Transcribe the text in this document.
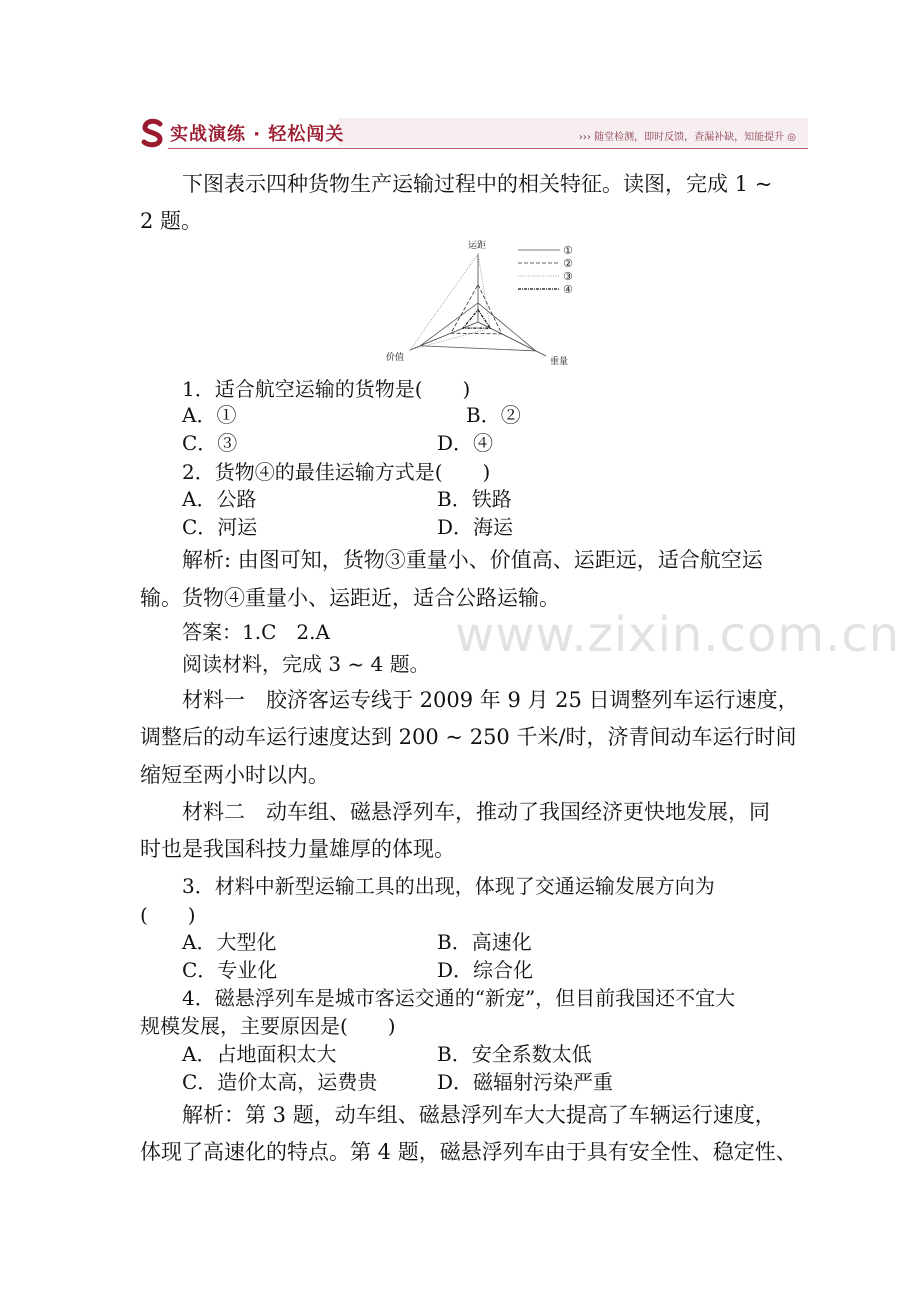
实战演练 · 轻松闯关	››› 随堂检测，即时反馈，查漏补缺，知能提升 ◎
下图表示四种货物生产运输过程中的相关特征。读图，完成 1 ~
2 题。
运距
重量
价值
①
②
③
④
1．适合航空运输的货物是(　　)
A．①	B．②
C．③	D．④
2．货物④的最佳运输方式是(　　)
A．公路	B．铁路
C．河运	D．海运
解析: 由图可知，货物③重量小、价值高、运距远，适合航空运
输。货物④重量小、运距近，适合公路运输。
答案：1.C　2.A
阅读材料，完成 3 ~ 4 题。
www.zixin.com.cn
材料一　胶济客运专线于 2009 年 9 月 25 日调整列车运行速度，
调整后的动车运行速度达到 200 ~ 250 千米/时，济青间动车运行时间
缩短至两小时以内。
材料二　动车组、磁悬浮列车，推动了我国经济更快地发展，同
时也是我国科技力量雄厚的体现。
3．材料中新型运输工具的出现，体现了交通运输发展方向为
(　　)
A．大型化	B．高速化
C．专业化	D．综合化
4．磁悬浮列车是城市客运交通的“新宠”，但目前我国还不宜大
规模发展，主要原因是(　　)
A．占地面积太大	B．安全系数太低
C．造价太高，运费贵	D．磁辐射污染严重
解析：第 3 题，动车组、磁悬浮列车大大提高了车辆运行速度，
体现了高速化的特点。第 4 题，磁悬浮列车由于具有安全性、稳定性、
